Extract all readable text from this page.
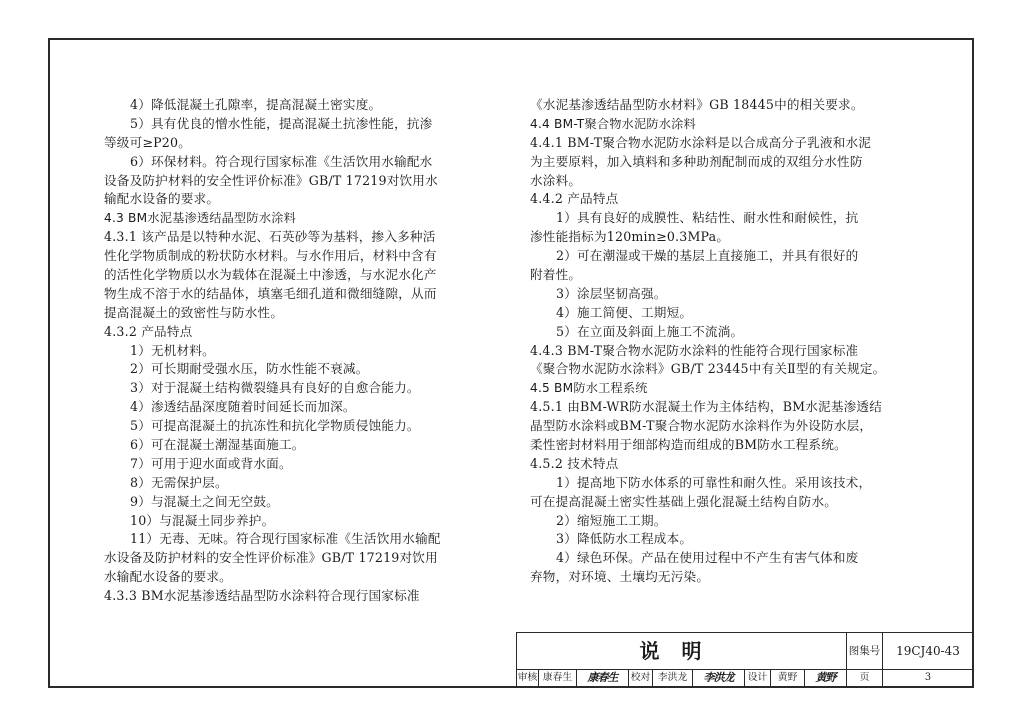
4）降低混凝土孔隙率，提高混凝土密实度。
5）具有优良的憎水性能，提高混凝土抗渗性能，抗渗
等级可≥P20。
6）环保材料。符合现行国家标准《生活饮用水输配水
设备及防护材料的安全性评价标准》GB/T 17219对饮用水
输配水设备的要求。
4.3 BM水泥基渗透结晶型防水涂料
4.3.1 该产品是以特种水泥、石英砂等为基料，掺入多种活
性化学物质制成的粉状防水材料。与水作用后，材料中含有
的活性化学物质以水为载体在混凝土中渗透，与水泥水化产
物生成不溶于水的结晶体，填塞毛细孔道和微细缝隙，从而
提高混凝土的致密性与防水性。
4.3.2 产品特点
1）无机材料。
2）可长期耐受强水压，防水性能不衰减。
3）对于混凝土结构微裂缝具有良好的自愈合能力。
4）渗透结晶深度随着时间延长而加深。
5）可提高混凝土的抗冻性和抗化学物质侵蚀能力。
6）可在混凝土潮湿基面施工。
7）可用于迎水面或背水面。
8）无需保护层。
9）与混凝土之间无空鼓。
10）与混凝土同步养护。
11）无毒、无味。符合现行国家标准《生活饮用水输配
水设备及防护材料的安全性评价标准》GB/T 17219对饮用
水输配水设备的要求。
4.3.3 BM水泥基渗透结晶型防水涂料符合现行国家标准
《水泥基渗透结晶型防水材料》GB 18445中的相关要求。
4.4 BM-T聚合物水泥防水涂料
4.4.1 BM-T聚合物水泥防水涂料是以合成高分子乳液和水泥
为主要原料，加入填料和多种助剂配制而成的双组分水性防
水涂料。
4.4.2 产品特点
1）具有良好的成膜性、粘结性、耐水性和耐候性，抗
渗性能指标为120min≥0.3MPa。
2）可在潮湿或干燥的基层上直接施工，并具有很好的
附着性。
3）涂层坚韧高强。
4）施工简便、工期短。
5）在立面及斜面上施工不流淌。
4.4.3 BM-T聚合物水泥防水涂料的性能符合现行国家标准
《聚合物水泥防水涂料》GB/T 23445中有关Ⅱ型的有关规定。
4.5 BM防水工程系统
4.5.1 由BM-WR防水混凝土作为主体结构，BM水泥基渗透结
晶型防水涂料或BM-T聚合物水泥防水涂料作为外设防水层，
柔性密封材料用于细部构造而组成的BM防水工程系统。
4.5.2 技术特点
1）提高地下防水体系的可靠性和耐久性。采用该技术，
可在提高混凝土密实性基础上强化混凝土结构自防水。
2）缩短施工工期。
3）降低防水工程成本。
4）绿色环保。产品在使用过程中不产生有害气体和废
弃物，对环境、土壤均无污染。
说明	图集号	19CJ40-43
审核 康春生	康春生	校对 李洪龙	李洪龙	设计	黄野	黄野	页	3
